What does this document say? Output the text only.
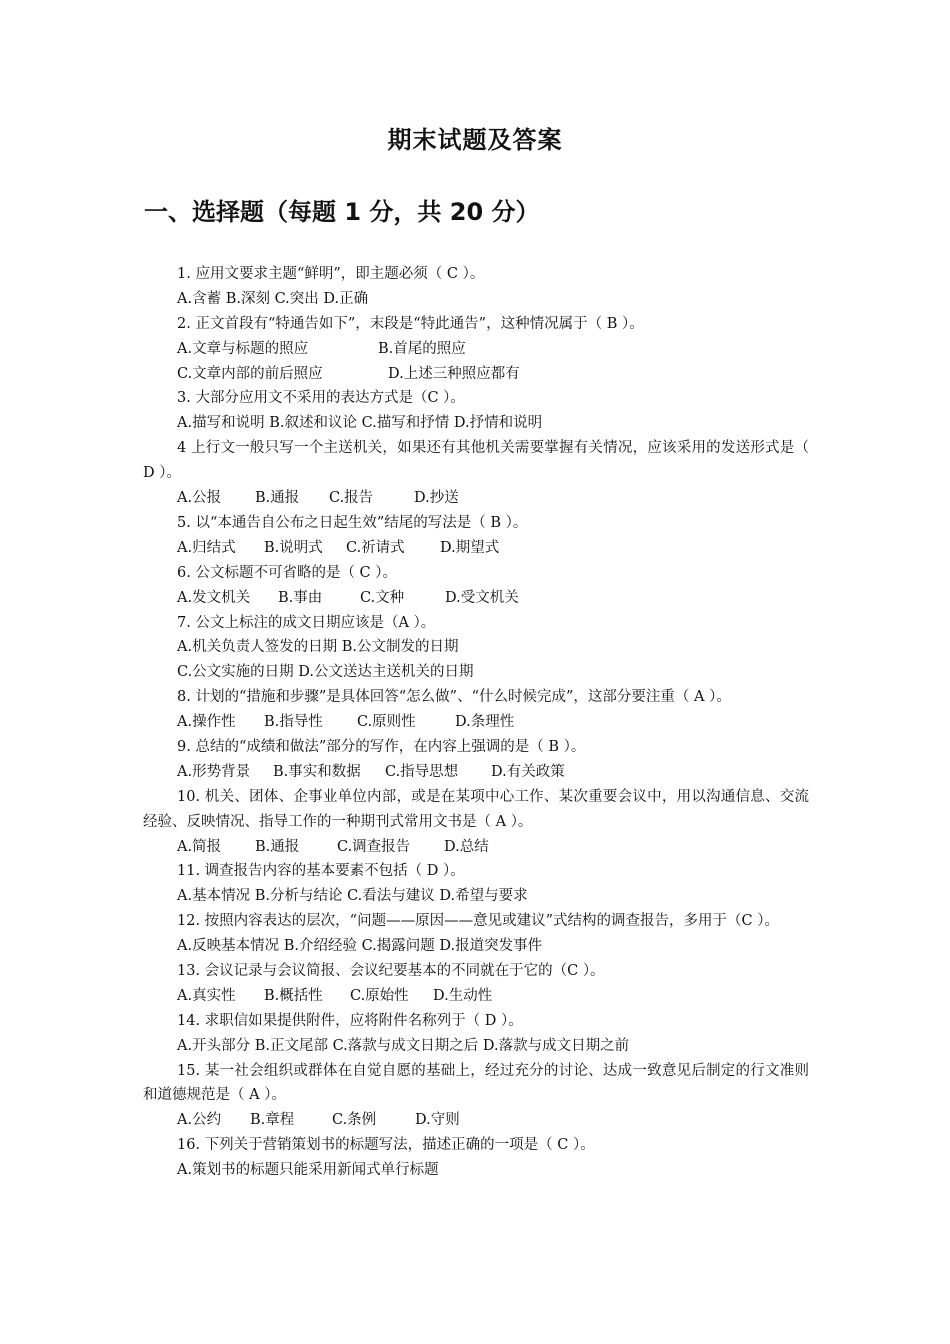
期末试题及答案
一、选择题（每题 1 分，共 20 分）
1. 应用文要求主题“鲜明”，即主题必须（ C ）。
A.含蓄 B.深刻 C.突出 D.正确
2. 正文首段有“特通告如下”，末段是“特此通告”，这种情况属于（ B ）。
A.文章与标题的照应	B.首尾的照应
C.文章内部的前后照应	D.上述三种照应都有
3. 大部分应用文不采用的表达方式是（C ）。
A.描写和说明 B.叙述和议论 C.描写和抒情 D.抒情和说明
4 上行文一般只写一个主送机关，如果还有其他机关需要掌握有关情况，应该采用的发送形式是（ D ）。
A.公报 B.通报 C.报告	D.抄送
5. 以“本通告自公布之日起生效”结尾的写法是（ B ）。
A.归结式 B.说明式 C.祈请式 D.期望式
6. 公文标题不可省略的是（ C ）。
A.发文机关 B.事由	C.文种	D.受文机关
7. 公文上标注的成文日期应该是（A ）。
A.机关负责人签发的日期 B.公文制发的日期
C.公文实施的日期 D.公文送达主送机关的日期
8. 计划的“措施和步骤”是具体回答“怎么做”、“什么时候完成”，这部分要注重（ A ）。
A.操作性 B.指导性 C.原则性	D.条理性
9. 总结的“成绩和做法”部分的写作，在内容上强调的是（ B ）。
A.形势背景 B.事实和数据 C.指导思想 D.有关政策
10. 机关、团体、企事业单位内部，或是在某项中心工作、某次重要会议中，用以沟通信息、交流经验、反映情况、指导工作的一种期刊式常用文书是（ A ）。
A.简报 B.通报	C.调查报告 D.总结
11. 调查报告内容的基本要素不包括（ D ）。
A.基本情况 B.分析与结论 C.看法与建议 D.希望与要求
12. 按照内容表达的层次，“问题——原因——意见或建议”式结构的调查报告，多用于（C ）。
A.反映基本情况 B.介绍经验 C.揭露问题 D.报道突发事件
13. 会议记录与会议简报、会议纪要基本的不同就在于它的（C ）。
A.真实性 B.概括性 C.原始性 D.生动性
14. 求职信如果提供附件，应将附件名称列于（ D ）。
A.开头部分 B.正文尾部 C.落款与成文日期之后 D.落款与成文日期之前
15. 某一社会组织或群体在自觉自愿的基础上，经过充分的讨论、达成一致意见后制定的行文准则和道德规范是（ A ）。
A.公约 B.章程	C.条例	D.守则
16. 下列关于营销策划书的标题写法，描述正确的一项是（ C ）。
A.策划书的标题只能采用新闻式单行标题
